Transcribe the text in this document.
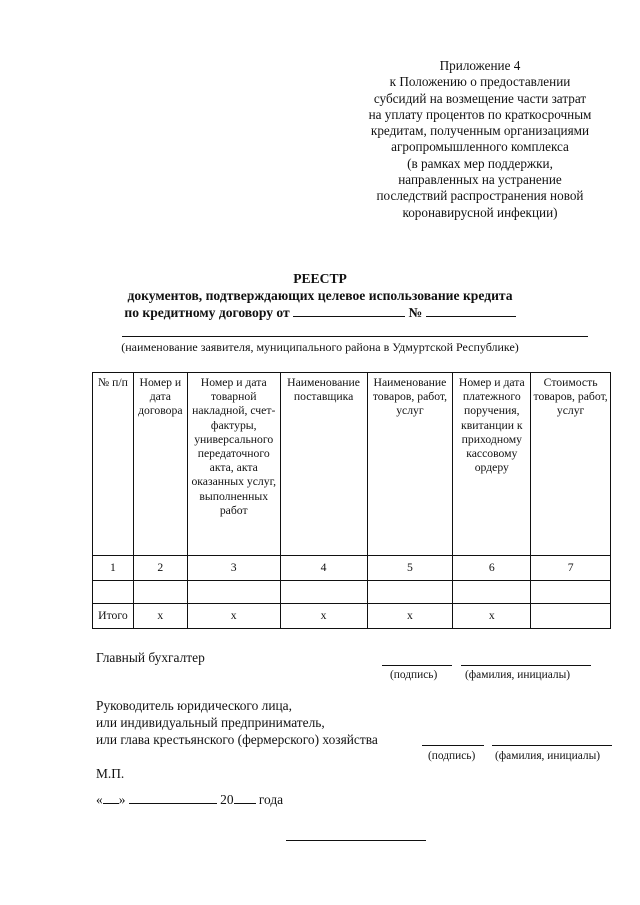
Приложение 4
к Положению о предоставлении
субсидий на возмещение части затрат
на уплату процентов по краткосрочным
кредитам, полученным организациями
агропромышленного комплекса
(в рамках мер поддержки,
направленных на устранение
последствий распространения новой
коронавирусной инфекции)
РЕЕСТР
документов, подтверждающих целевое использование кредита
по кредитному договору от	№
(наименование заявителя, муниципального района в Удмуртской Республике)
№ п/п	Номер и дата договора	Номер и дата товарной накладной, счет-фактуры, универсального передаточного акта, акта оказанных услуг, выполненных работ	Наименование поставщика	Наименование товаров, работ, услуг	Номер и дата платежного поручения, квитанции к приходному кассовому ордеру	Стоимость товаров, работ, услуг
1	2	3	4	5	6	7

Итого	x	x	x	x	x	
Главный бухгалтер
(подпись) (фамилия, инициалы)
Руководитель юридического лица,
или индивидуальный предприниматель,
или глава крестьянского (фермерского) хозяйства
(подпись) (фамилия, инициалы)
М.П.
« »	20 года
